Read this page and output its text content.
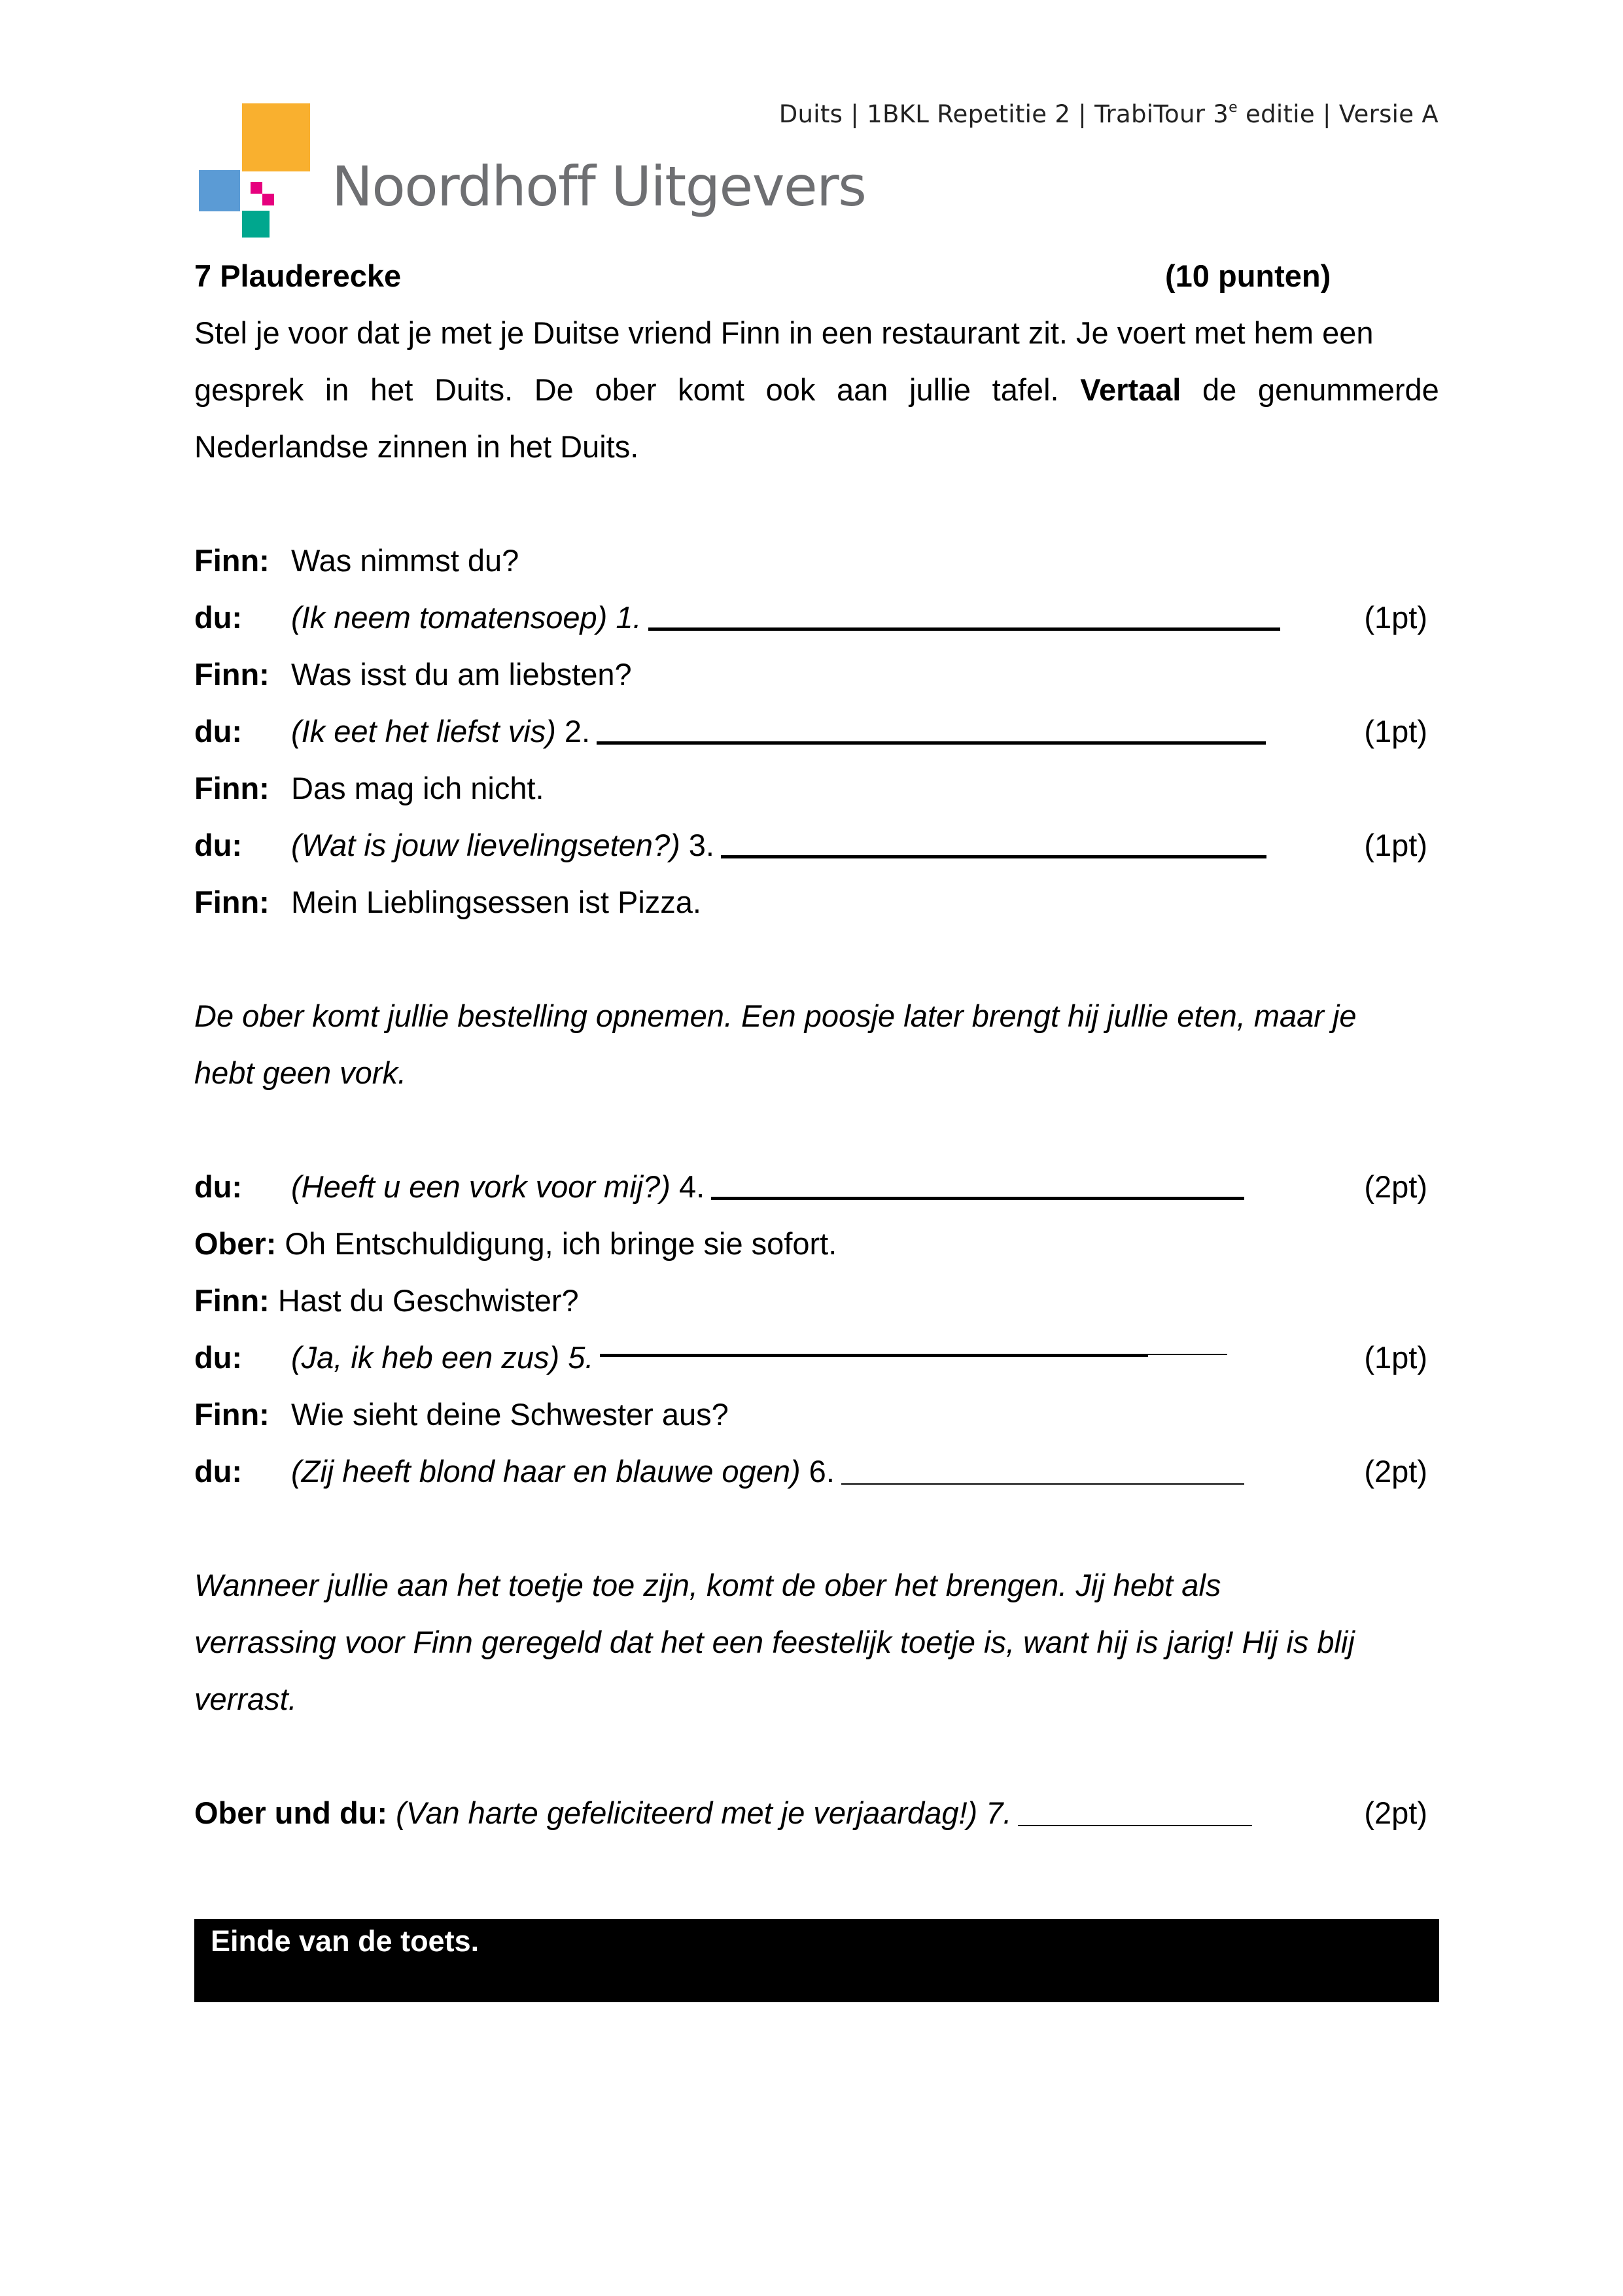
Duits | 1BKL Repetitie 2 | TrabiTour 3e editie | Versie A
Noordhoff Uitgevers
7 Plauderecke	(10 punten)
Stel je voor dat je met je Duitse vriend Finn in een restaurant zit. Je voert met hem een
gesprek in het Duits. De ober komt ook aan jullie tafel. Vertaal de genummerde
Nederlandse zinnen in het Duits.
Finn: Was nimmst du?
du: (Ik neem tomatensoep) 1.	(1pt)
Finn: Was isst du am liebsten?
du: (Ik eet het liefst vis) 2.	(1pt)
Finn: Das mag ich nicht.
du: (Wat is jouw lievelingseten?) 3.	(1pt)
Finn: Mein Lieblingsessen ist Pizza.
De ober komt jullie bestelling opnemen. Een poosje later brengt hij jullie eten, maar je
hebt geen vork.
du: (Heeft u een vork voor mij?) 4.	(2pt)
Ober: Oh Entschuldigung, ich bringe sie sofort.
Finn: Hast du Geschwister?
du: (Ja, ik heb een zus) 5.	(1pt)
Finn: Wie sieht deine Schwester aus?
du: (Zij heeft blond haar en blauwe ogen) 6.	(2pt)
Wanneer jullie aan het toetje toe zijn, komt de ober het brengen. Jij hebt als
verrassing voor Finn geregeld dat het een feestelijk toetje is, want hij is jarig! Hij is blij
verrast.
Ober und du: (Van harte gefeliciteerd met je verjaardag!) 7.	(2pt)
Einde van de toets.
